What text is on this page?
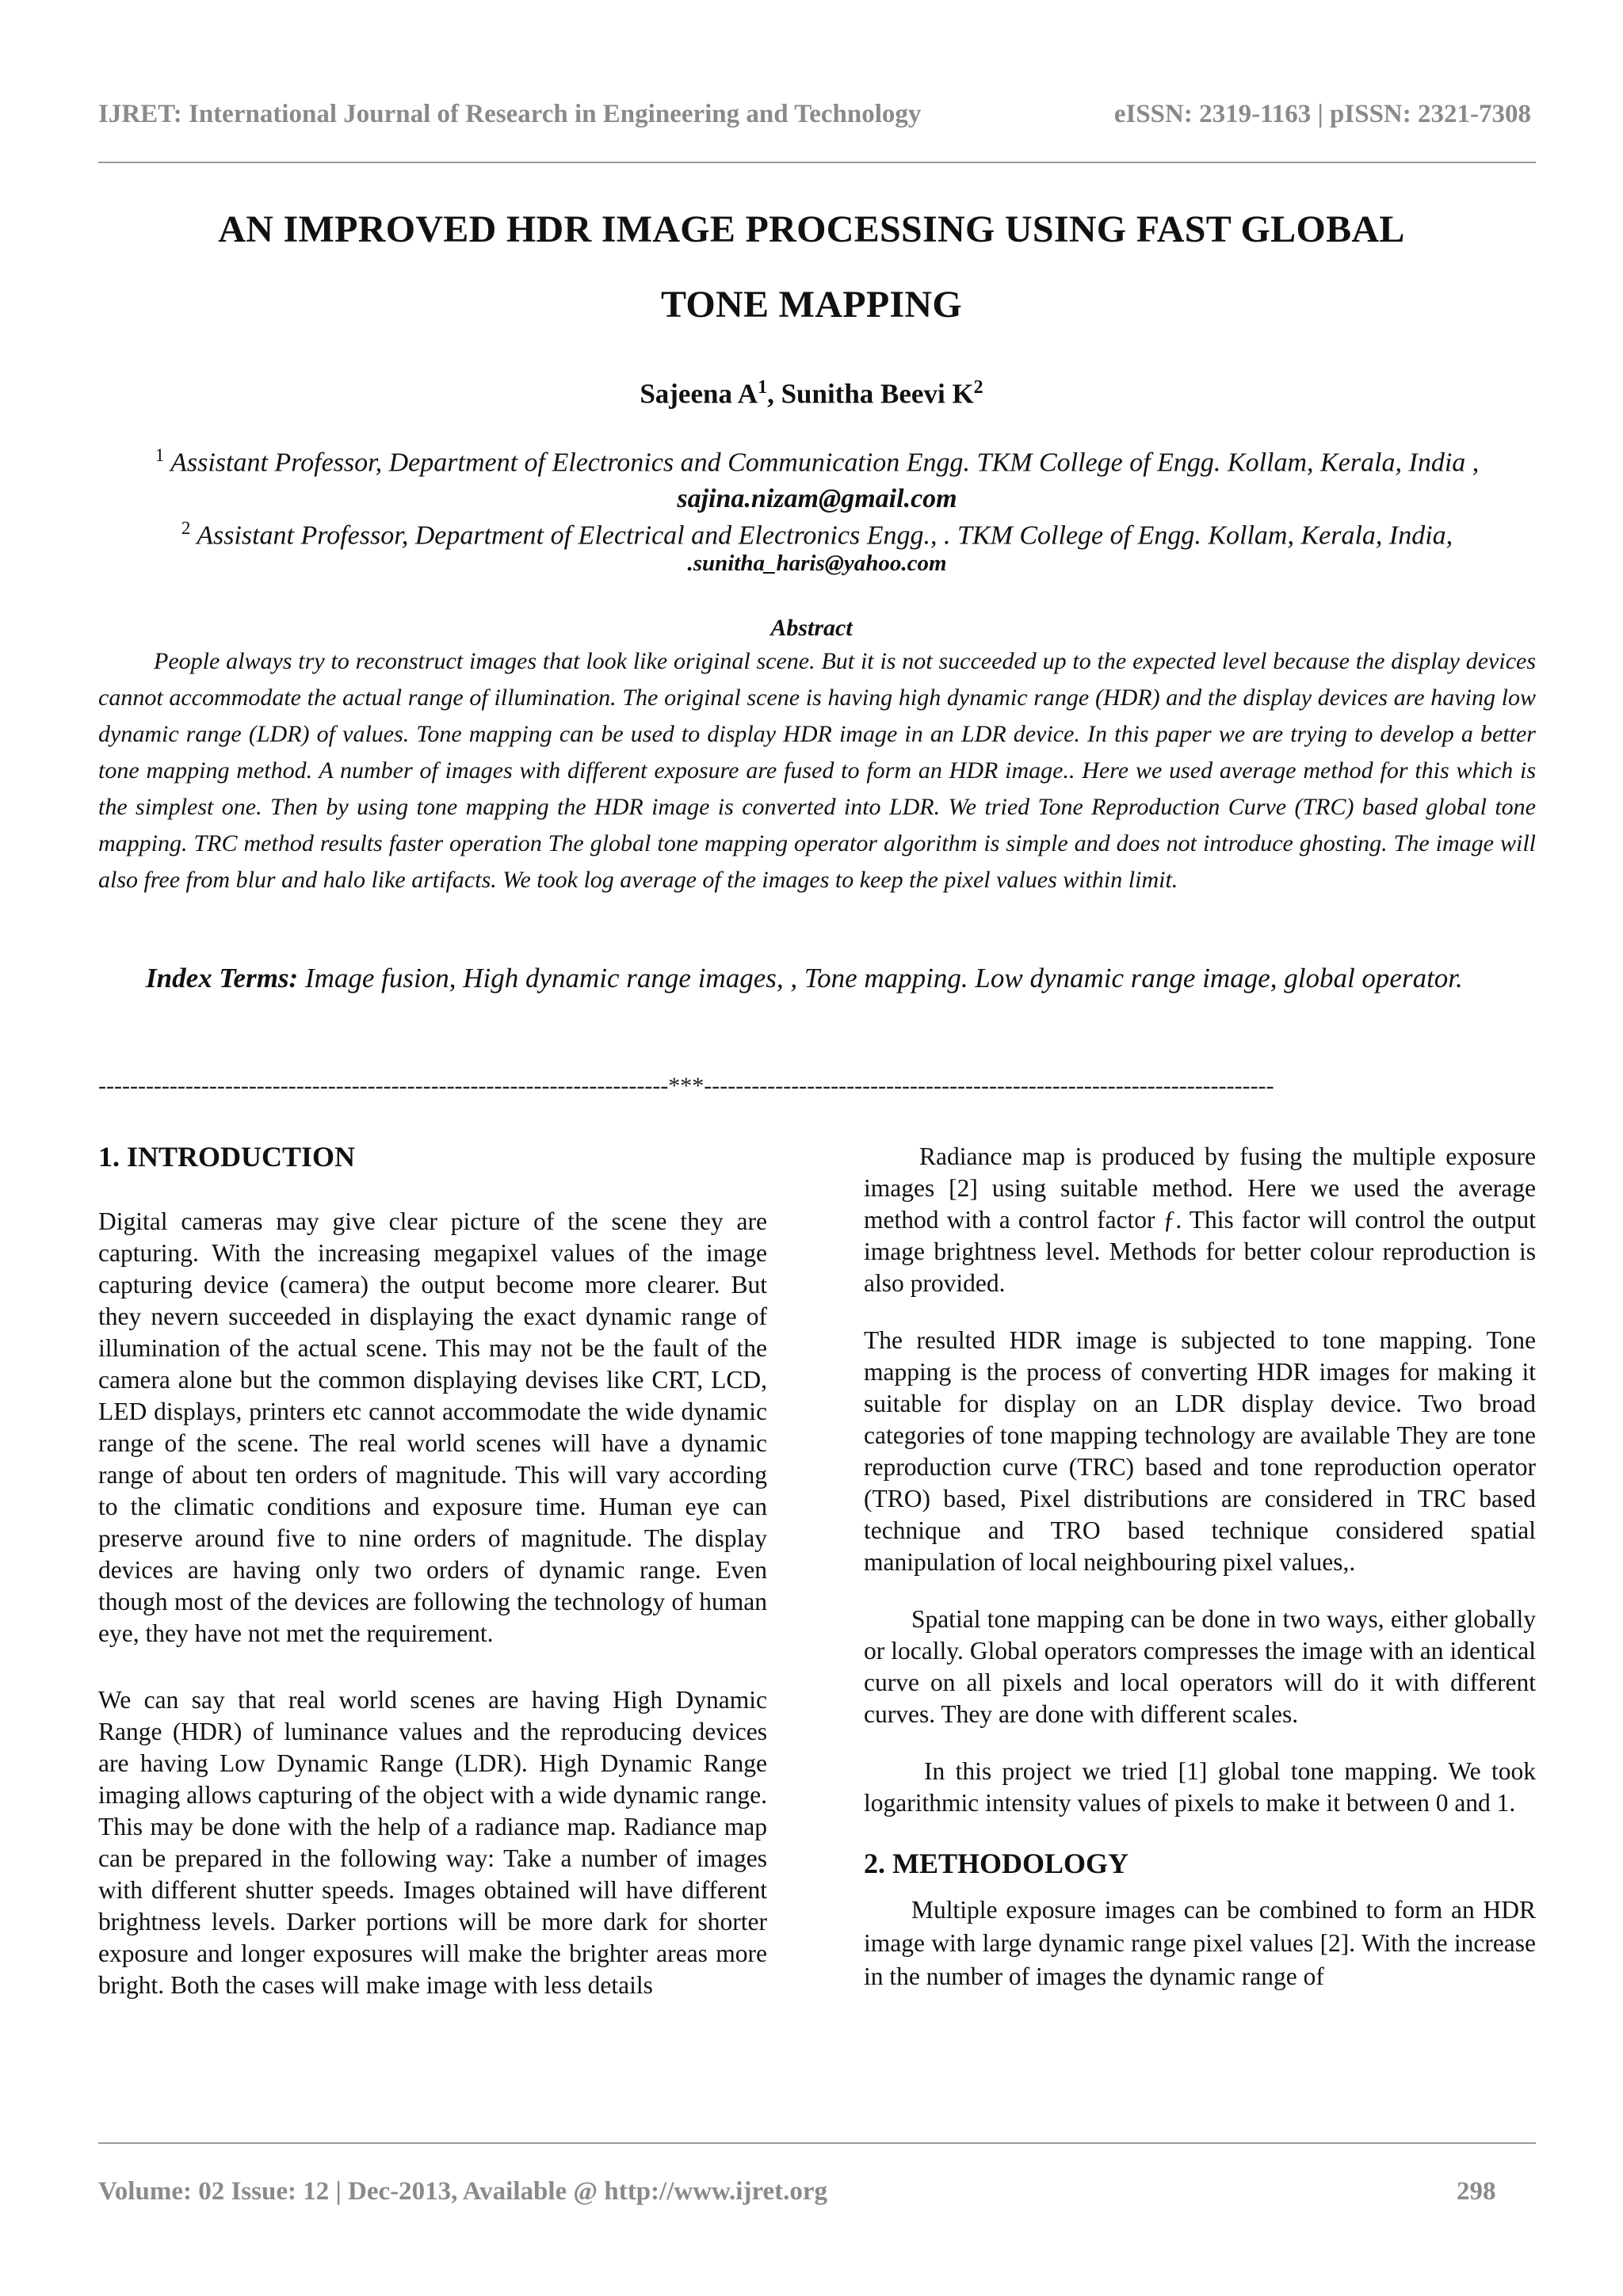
IJRET: International Journal of Research in Engineering and Technology	eISSN: 2319-1163 | pISSN: 2321-7308
AN IMPROVED HDR IMAGE PROCESSING USING FAST GLOBAL
TONE MAPPING
Sajeena $A^1$, Sunitha Beevi $K^2$
$^1$ Assistant Professor, Department of Electronics and Communication Engg. TKM College of Engg. Kollam, Kerala, India , sajina.nizam@gmail.com
$^2$ Assistant Professor, Department of Electrical and Electronics Engg., . TKM College of Engg. Kollam, Kerala, India,
.sunitha_haris@yahoo.com
Abstract

People always try to reconstruct images that look like original scene. But it is not succeeded up to the expected level because the display devices cannot accommodate the actual range of illumination. The original scene is having high dynamic range (HDR) and the display devices are having low dynamic range (LDR) of values. Tone mapping can be used to display HDR image in an LDR device. In this paper we are trying to develop a better tone mapping method. A number of images with different exposure are fused to form an HDR image.. Here we used average method for this which is the simplest one. Then by using tone mapping the HDR image is converted into LDR. We tried Tone Reproduction Curve (TRC) based global tone mapping. TRC method results faster operation The global tone mapping operator algorithm is simple and does not introduce ghosting. The image will also free from blur and halo like artifacts. We took log average of the images to keep the pixel values within limit.

Index Terms: Image fusion, High dynamic range images, , Tone mapping. Low dynamic range image, global operator.

------------------------------------------------------------------------***------------------------------------------------------------------------
1. INTRODUCTION

Digital cameras may give clear picture of the scene they are capturing. With the increasing megapixel values of the image capturing device (camera) the output become more clearer. But they nevern succeeded in displaying the exact dynamic range of illumination of the actual scene. This may not be the fault of the camera alone but the common displaying devises like CRT, LCD, LED displays, printers etc cannot accommodate the wide dynamic range of the scene. The real world scenes will have a dynamic range of about ten orders of magnitude. This will vary according to the climatic conditions and exposure time. Human eye can preserve around five to nine orders of magnitude. The display devices are having only two orders of dynamic range. Even though most of the devices are following the technology of human eye, they have not met the requirement.

We can say that real world scenes are having High Dynamic Range (HDR) of luminance values and the reproducing devices are having Low Dynamic Range (LDR). High Dynamic Range imaging allows capturing of the object with a wide dynamic range. This may be done with the help of a radiance map. Radiance map can be prepared in the following way: Take a number of images with different shutter speeds. Images obtained will have different brightness levels. Darker portions will be more dark for shorter exposure and longer exposures will make the brighter areas more bright. Both the cases will make image with less details

Radiance map is produced by fusing the multiple exposure images [2] using suitable method. Here we used the average method with a control factor ƒ. This factor will control the output image brightness level. Methods for better colour reproduction is also provided.

The resulted HDR image is subjected to tone mapping. Tone mapping is the process of converting HDR images for making it suitable for display on an LDR display device. Two broad categories of tone mapping technology are available They are tone reproduction curve (TRC) based and tone reproduction operator (TRO) based, Pixel distributions are considered in TRC based technique and TRO based technique considered spatial manipulation of local neighbouring pixel values,.

Spatial tone mapping can be done in two ways, either globally or locally. Global operators compresses the image with an identical curve on all pixels and local operators will do it with different curves. They are done with different scales.

In this project we tried [1] global tone mapping. We took logarithmic intensity values of pixels to make it between 0 and 1.

2. METHODOLOGY

Multiple exposure images can be combined to form an HDR image with large dynamic range pixel values [2]. With the increase in the number of images the dynamic range of

Volume: 02 Issue: 12 | Dec-2013, Available @ http://www.ijret.org	298
